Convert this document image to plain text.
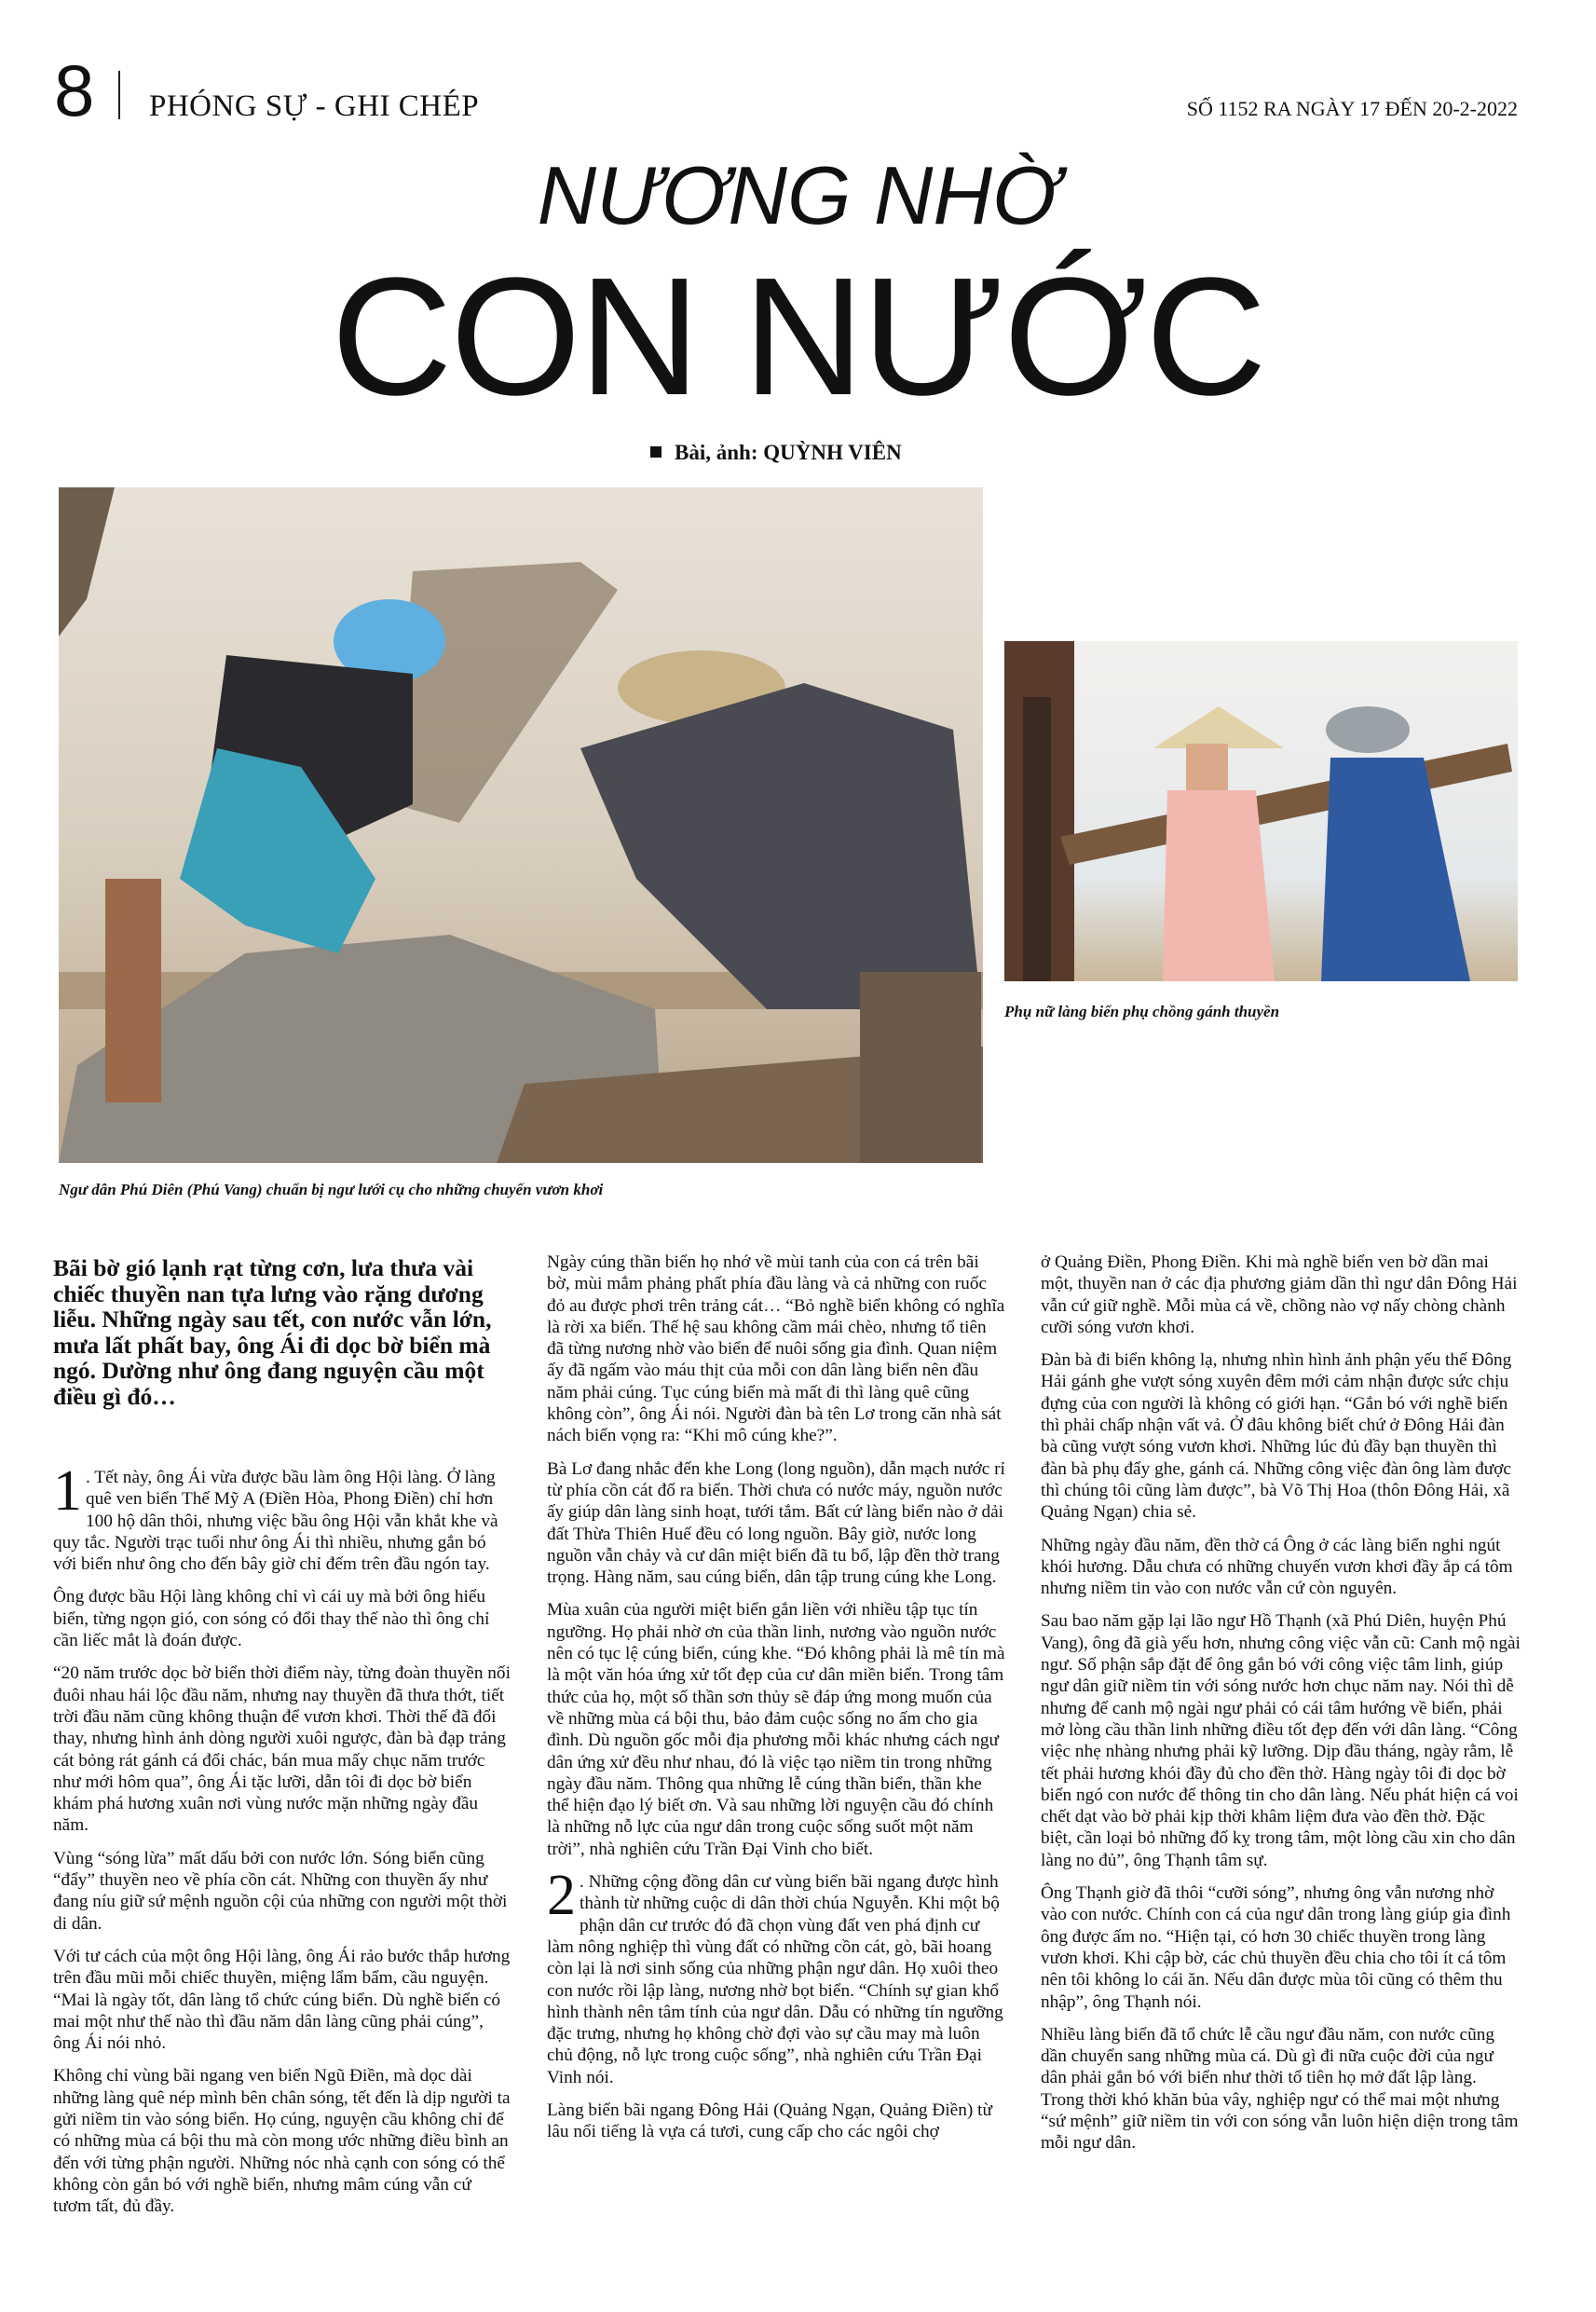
8 PHÓNG SỰ - GHI CHÉP	SỐ 1152 RA NGÀY 17 ĐẾN 20-2-2022
NƯƠNG NHỜ
CON NƯỚC
Bài, ảnh: QUỲNH VIÊN
Ngư dân Phú Diên (Phú Vang) chuẩn bị ngư lưới cụ cho những chuyến vươn khơi
Phụ nữ làng biển phụ chồng gánh thuyền

Bãi bờ gió lạnh rạt từng cơn, lưa thưa vài chiếc thuyền nan tựa lưng vào rặng dương liễu. Những ngày sau tết, con nước vẫn lớn, mưa lất phất bay, ông Ái đi dọc bờ biển mà ngó. Dường như ông đang nguyện cầu một điều gì đó…

1 . Tết này, ông Ái vừa được bầu làm ông Hội làng. Ở làng quê ven biển Thế Mỹ A (Điền Hòa, Phong Điền) chỉ hơn 100 hộ dân thôi, nhưng việc bầu ông Hội vẫn khắt khe và quy tắc. Người trạc tuổi như ông Ái thì nhiều, nhưng gắn bó với biển như ông cho đến bây giờ chỉ đếm trên đầu ngón tay.

Ông được bầu Hội làng không chỉ vì cái uy mà bởi ông hiểu biển, từng ngọn gió, con sóng có đổi thay thế nào thì ông chỉ cần liếc mắt là đoán được.

“20 năm trước dọc bờ biển thời điểm này, từng đoàn thuyền nối đuôi nhau hái lộc đầu năm, nhưng nay thuyền đã thưa thớt, tiết trời đầu năm cũng không thuận để vươn khơi. Thời thế đã đổi thay, nhưng hình ảnh dòng người xuôi ngược, đàn bà đạp trảng cát bỏng rát gánh cá đổi chác, bán mua mấy chục năm trước như mới hôm qua”, ông Ái tặc lưỡi, dẫn tôi đi dọc bờ biển khám phá hương xuân nơi vùng nước mặn những ngày đầu năm.

Vùng “sóng lừa” mất dấu bởi con nước lớn. Sóng biển cũng “đẩy” thuyền neo về phía cồn cát. Những con thuyền ấy như đang níu giữ sứ mệnh nguồn cội của những con người một thời di dân.

Với tư cách của một ông Hội làng, ông Ái rảo bước thắp hương trên đầu mũi mỗi chiếc thuyền, miệng lẩm bẩm, cầu nguyện. “Mai là ngày tốt, dân làng tổ chức cúng biển. Dù nghề biển có mai một như thế nào thì đầu năm dân làng cũng phải cúng”, ông Ái nói nhỏ.

Không chỉ vùng bãi ngang ven biển Ngũ Điền, mà dọc dài những làng quê nép mình bên chân sóng, tết đến là dịp người ta gửi niềm tin vào sóng biển. Họ cúng, nguyện cầu không chỉ để có những mùa cá bội thu mà còn mong ước những điều bình an đến với từng phận người. Những nóc nhà cạnh con sóng có thể không còn gắn bó với nghề biển, nhưng mâm cúng vẫn cứ tươm tất, đủ đầy.

Ngày cúng thần biển họ nhớ về mùi tanh của con cá trên bãi bờ, mùi mắm phảng phất phía đầu làng và cả những con ruốc đỏ au được phơi trên trảng cát… “Bỏ nghề biển không có nghĩa là rời xa biển. Thế hệ sau không cầm mái chèo, nhưng tổ tiên đã từng nương nhờ vào biển để nuôi sống gia đình. Quan niệm ấy đã ngấm vào máu thịt của mỗi con dân làng biển nên đầu năm phải cúng. Tục cúng biển mà mất đi thì làng quê cũng không còn”, ông Ái nói. Người đàn bà tên Lơ trong căn nhà sát nách biển vọng ra: “Khi mô cúng khe?”.

Bà Lơ đang nhắc đến khe Long (long nguồn), dẫn mạch nước rỉ từ phía cồn cát đổ ra biển. Thời chưa có nước máy, nguồn nước ấy giúp dân làng sinh hoạt, tưới tắm. Bất cứ làng biển nào ở dải đất Thừa Thiên Huế đều có long nguồn. Bây giờ, nước long nguồn vẫn chảy và cư dân miệt biển đã tu bổ, lập đền thờ trang trọng. Hàng năm, sau cúng biển, dân tập trung cúng khe Long.

Mùa xuân của người miệt biển gắn liền với nhiều tập tục tín ngưỡng. Họ phải nhờ ơn của thần linh, nương vào nguồn nước nên có tục lệ cúng biển, cúng khe. “Đó không phải là mê tín mà là một văn hóa ứng xử tốt đẹp của cư dân miền biển. Trong tâm thức của họ, một số thần sơn thủy sẽ đáp ứng mong muốn của về những mùa cá bội thu, bảo đảm cuộc sống no ấm cho gia đình. Dù nguồn gốc mỗi địa phương mỗi khác nhưng cách ngư dân ứng xử đều như nhau, đó là việc tạo niềm tin trong những ngày đầu năm. Thông qua những lễ cúng thần biển, thần khe thể hiện đạo lý biết ơn. Và sau những lời nguyện cầu đó chính là những nỗ lực của ngư dân trong cuộc sống suốt một năm trời”, nhà nghiên cứu Trần Đại Vinh cho biết.

2 . Những cộng đồng dân cư vùng biển bãi ngang được hình thành từ những cuộc di dân thời chúa Nguyễn. Khi một bộ phận dân cư trước đó đã chọn vùng đất ven phá định cư làm nông nghiệp thì vùng đất có những cồn cát, gò, bãi hoang còn lại là nơi sinh sống của những phận ngư dân. Họ xuôi theo con nước rồi lập làng, nương nhờ bọt biển. “Chính sự gian khổ hình thành nên tâm tính của ngư dân. Dẫu có những tín ngưỡng đặc trưng, nhưng họ không chờ đợi vào sự cầu may mà luôn chủ động, nỗ lực trong cuộc sống”, nhà nghiên cứu Trần Đại Vinh nói.

Làng biển bãi ngang Đông Hải (Quảng Ngạn, Quảng Điền) từ lâu nổi tiếng là vựa cá tươi, cung cấp cho các ngôi chợ

ở Quảng Điền, Phong Điền. Khi mà nghề biển ven bờ dần mai một, thuyền nan ở các địa phương giảm dần thì ngư dân Đông Hải vẫn cứ giữ nghề. Mỗi mùa cá về, chồng nào vợ nấy chòng chành cưỡi sóng vươn khơi.

Đàn bà đi biển không lạ, nhưng nhìn hình ảnh phận yếu thế Đông Hải gánh ghe vượt sóng xuyên đêm mới cảm nhận được sức chịu đựng của con người là không có giới hạn. “Gắn bó với nghề biển thì phải chấp nhận vất vả. Ở đâu không biết chứ ở Đông Hải đàn bà cũng vượt sóng vươn khơi. Những lúc đủ đầy bạn thuyền thì đàn bà phụ đẩy ghe, gánh cá. Những công việc đàn ông làm được thì chúng tôi cũng làm được”, bà Võ Thị Hoa (thôn Đông Hải, xã Quảng Ngạn) chia sẻ.

Những ngày đầu năm, đền thờ cá Ông ở các làng biển nghi ngút khói hương. Dẫu chưa có những chuyến vươn khơi đầy ắp cá tôm nhưng niềm tin vào con nước vẫn cứ còn nguyên.

Sau bao năm gặp lại lão ngư Hồ Thạnh (xã Phú Diên, huyện Phú Vang), ông đã già yếu hơn, nhưng công việc vẫn cũ: Canh mộ ngài ngư. Số phận sắp đặt để ông gắn bó với công việc tâm linh, giúp ngư dân giữ niềm tin với sóng nước hơn chục năm nay. Nói thì dễ nhưng để canh mộ ngài ngư phải có cái tâm hướng về biển, phải mở lòng cầu thần linh những điều tốt đẹp đến với dân làng. “Công việc nhẹ nhàng nhưng phải kỹ lưỡng. Dịp đầu tháng, ngày rằm, lễ tết phải hương khói đầy đủ cho đền thờ. Hàng ngày tôi đi dọc bờ biển ngó con nước để thông tin cho dân làng. Nếu phát hiện cá voi chết dạt vào bờ phải kịp thời khâm liệm đưa vào đền thờ. Đặc biệt, cần loại bỏ những đố kỵ trong tâm, một lòng cầu xin cho dân làng no đủ”, ông Thạnh tâm sự.

Ông Thạnh giờ đã thôi “cưỡi sóng”, nhưng ông vẫn nương nhờ vào con nước. Chính con cá của ngư dân trong làng giúp gia đình ông được ấm no. “Hiện tại, có hơn 30 chiếc thuyền trong làng vươn khơi. Khi cập bờ, các chủ thuyền đều chia cho tôi ít cá tôm nên tôi không lo cái ăn. Nếu dân được mùa tôi cũng có thêm thu nhập”, ông Thạnh nói.

Nhiều làng biển đã tổ chức lễ cầu ngư đầu năm, con nước cũng dần chuyển sang những mùa cá. Dù gì đi nữa cuộc đời của ngư dân phải gắn bó với biển như thời tổ tiên họ mở đất lập làng. Trong thời khó khăn bủa vây, nghiệp ngư có thể mai một nhưng “sứ mệnh” giữ niềm tin với con sóng vẫn luôn hiện diện trong tâm mỗi ngư dân.
